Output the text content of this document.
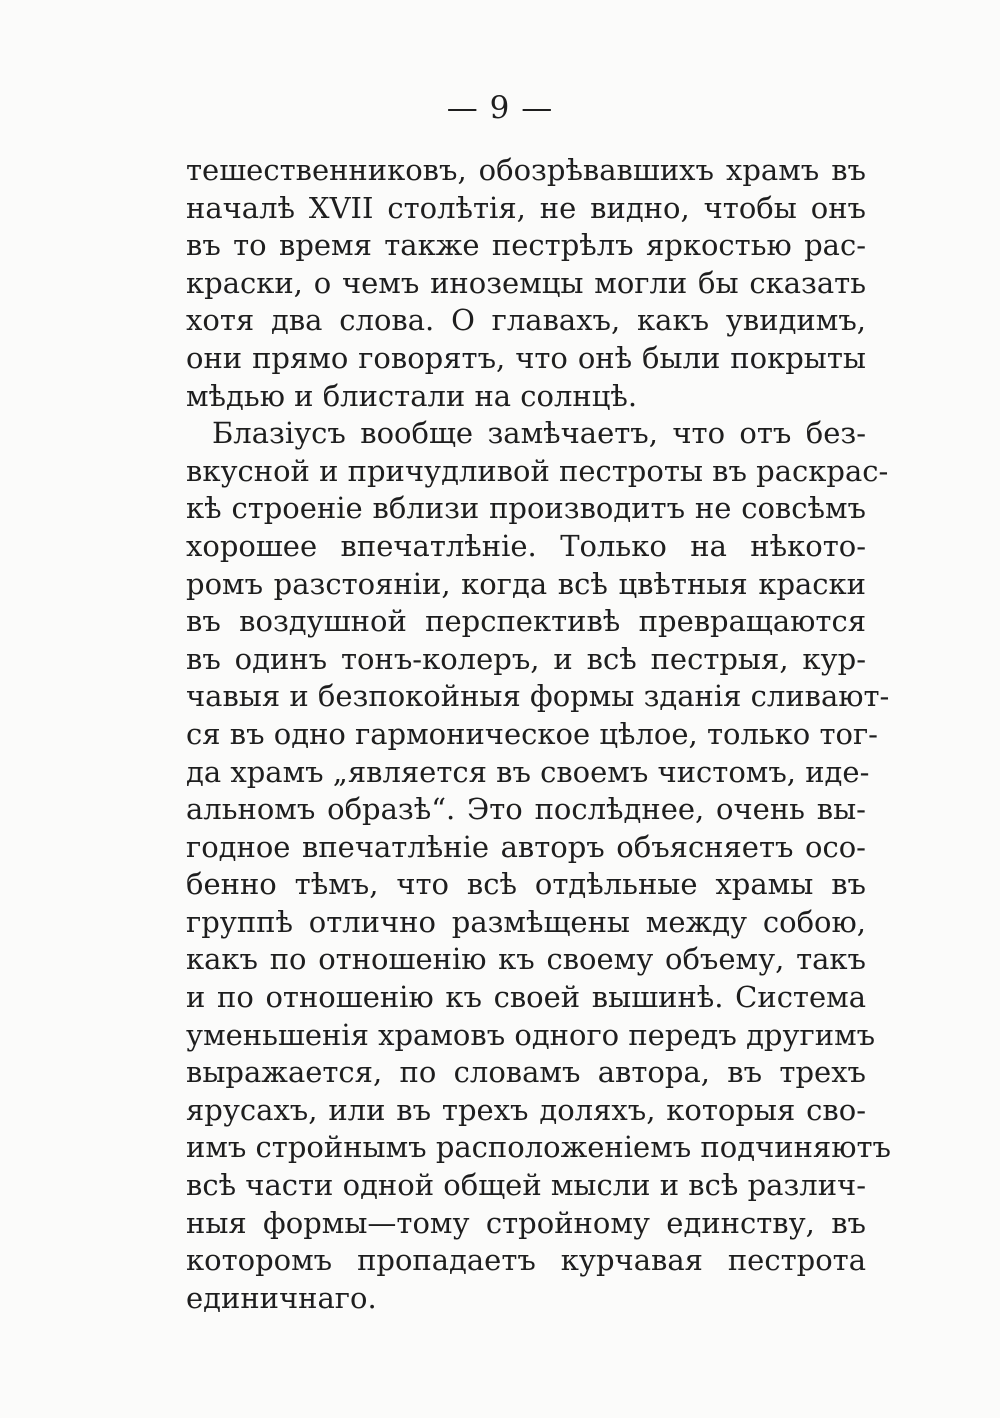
— 9 —
тешественниковъ, обозрѣвавшихъ храмъ въ
началѣ XVII столѣтія, не видно, чтобы онъ
въ то время также пестрѣлъ яркостью рас-
краски, о чемъ иноземцы могли бы сказать
хотя два слова. О главахъ, какъ увидимъ,
они прямо говорятъ, что онѣ были покрыты
мѣдью и блистали на солнцѣ.
Блазіусъ вообще замѣчаетъ, что отъ без-
вкусной и причудливой пестроты въ раскрас-
кѣ строеніе вблизи производитъ не совсѣмъ
хорошее впечатлѣніе. Только на нѣкото-
ромъ разстояніи, когда всѣ цвѣтныя краски
въ воздушной перспективѣ превращаются
въ одинъ тонъ-колеръ, и всѣ пестрыя, кур-
чавыя и безпокойныя формы зданія сливают-
ся въ одно гармоническое цѣлое, только тог-
да храмъ „является въ своемъ чистомъ, иде-
альномъ образѣ“. Это послѣднее, очень вы-
годное впечатлѣніе авторъ объясняетъ осо-
бенно тѣмъ, что всѣ отдѣльные храмы въ
группѣ отлично размѣщены между собою,
какъ по отношенію къ своему объему, такъ
и по отношенію къ своей вышинѣ. Система
уменьшенія храмовъ одного передъ другимъ
выражается, по словамъ автора, въ трехъ
ярусахъ, или въ трехъ доляхъ, которыя сво-
имъ стройнымъ расположеніемъ подчиняютъ
всѣ части одной общей мысли и всѣ различ-
ныя формы—тому стройному единству, въ
которомъ пропадаетъ курчавая пестрота
единичнаго.
